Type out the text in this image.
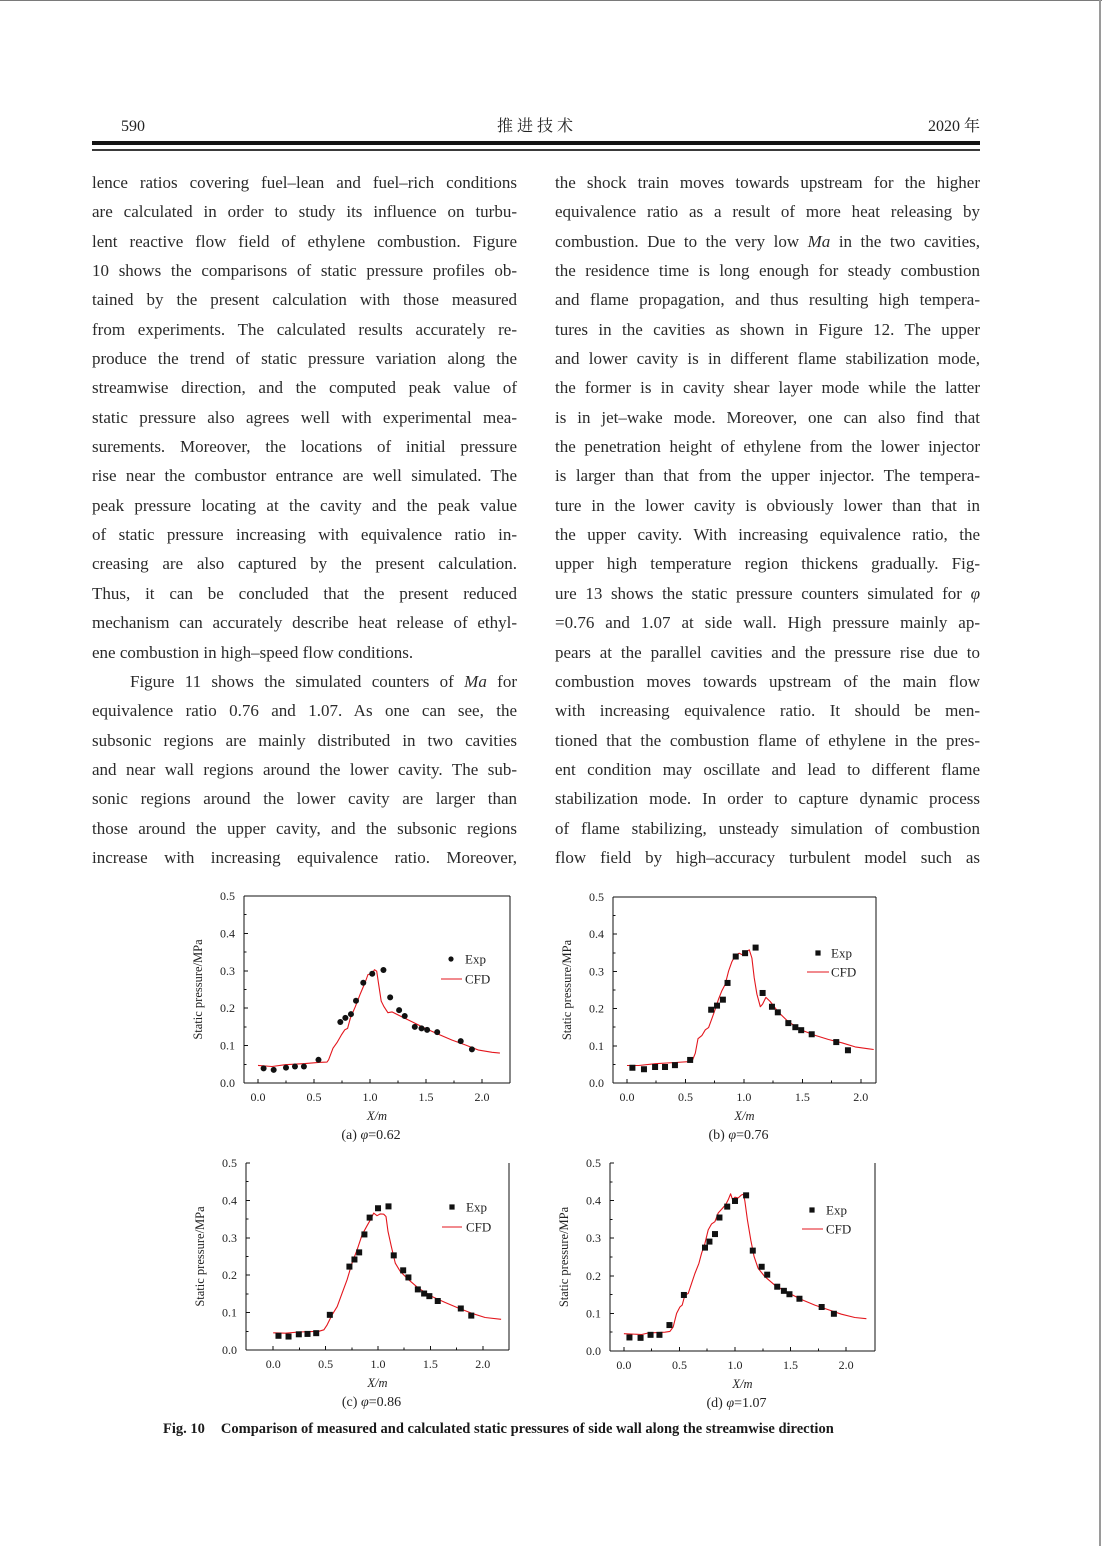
590	推 进 技 术	2020 年
lence ratios covering fuel–lean and fuel–rich conditions
are calculated in order to study its influence on turbu-
lent reactive flow field of ethylene combustion. Figure
10 shows the comparisons of static pressure profiles ob-
tained by the present calculation with those measured
from experiments. The calculated results accurately re-
produce the trend of static pressure variation along the
streamwise direction, and the computed peak value of
static pressure also agrees well with experimental mea-
surements. Moreover, the locations of initial pressure
rise near the combustor entrance are well simulated. The
peak pressure locating at the cavity and the peak value
of static pressure increasing with equivalence ratio in-
creasing are also captured by the present calculation.
Thus, it can be concluded that the present reduced
mechanism can accurately describe heat release of ethyl-
ene combustion in high–speed flow conditions.
Figure 11 shows the simulated counters of Ma for
equivalence ratio 0.76 and 1.07. As one can see, the
subsonic regions are mainly distributed in two cavities
and near wall regions around the lower cavity. The sub-
sonic regions around the lower cavity are larger than
those around the upper cavity, and the subsonic regions
increase with increasing equivalence ratio. Moreover,
the shock train moves towards upstream for the higher
equivalence ratio as a result of more heat releasing by
combustion. Due to the very low Ma in the two cavities,
the residence time is long enough for steady combustion
and flame propagation, and thus resulting high tempera-
tures in the cavities as shown in Figure 12. The upper
and lower cavity is in different flame stabilization mode,
the former is in cavity shear layer mode while the latter
is in jet–wake mode. Moreover, one can also find that
the penetration height of ethylene from the lower injector
is larger than that from the upper injector. The tempera-
ture in the lower cavity is obviously lower than that in
the upper cavity. With increasing equivalence ratio, the
upper high temperature region thickens gradually. Fig-
ure 13 shows the static pressure counters simulated for φ
=0.76 and 1.07 at side wall. High pressure mainly ap-
pears at the parallel cavities and the pressure rise due to
combustion moves towards upstream of the main flow
with increasing equivalence ratio. It should be men-
tioned that the combustion flame of ethylene in the pres-
ent condition may oscillate and lead to different flame
stabilization mode. In order to capture dynamic process
of flame stabilizing, unsteady simulation of combustion
flow field by high–accuracy turbulent model such as
0.0
0.1
0.2
0.3
0.4
0.5
0.0	0.5	1.0	1.5	2.0
Exp
CFD
X/m
Static pressure/MPa
(a) φ=0.62
0.0
0.1
0.2
0.3
0.4
0.5
0.0	0.5	1.0	1.5	2.0
Exp
CFD
X/m
Static pressure/MPa
(b) φ=0.76
0.0
0.1
0.2
0.3
0.4
0.5
0.0	0.5	1.0	1.5	2.0
Exp
CFD
X/m
Static pressure/MPa
(c) φ=0.86
0.0
0.1
0.2
0.3
0.4
0.5
0.0	0.5	1.0	1.5	2.0
Exp
CFD
X/m
Static pressure/MPa
(d) φ=1.07
Fig. 10 Comparison of measured and calculated static pressures of side wall along the streamwise direction
